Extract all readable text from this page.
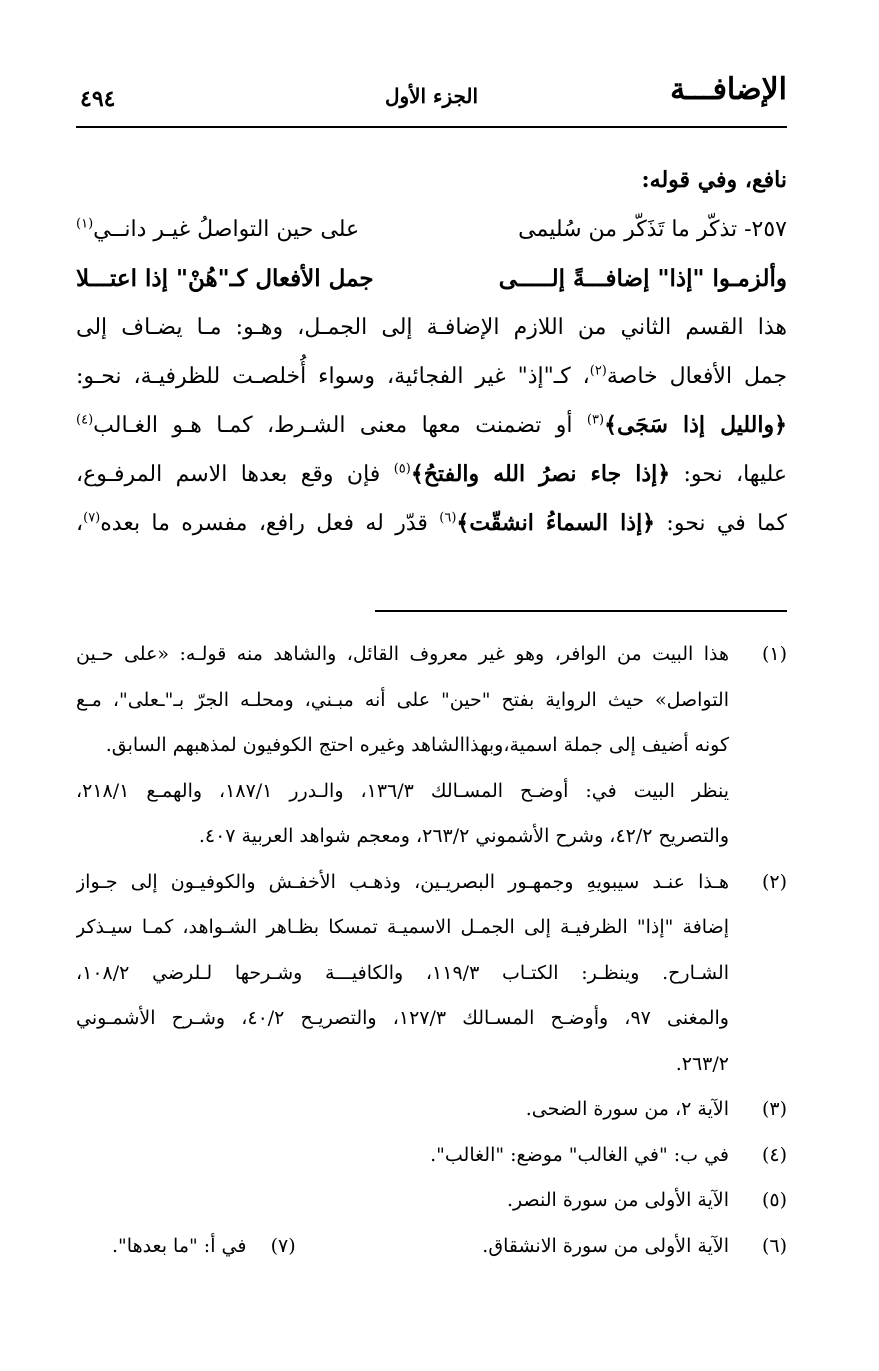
الإضافـــة
الجزء الأول
٤٩٤
نافع، وفي قوله:
٢٥٧- تذكّر ما تَذَكّر من سُليمى
على حين التواصلُ غيـر دانــي$^{(١)}$
وألزمـوا "إذا" إضافـــةً إلـــــى
جمل الأفعال كـ"هُنْ" إذا اعتـــلا
هذا القسم الثاني من اللازم الإضافـة إلى الجمـل، وهـو: مـا يضـاف إلى
جمل الأفعال خاصة$^{(٢)}$، كـ"إذ" غير الفجائية، وسواء أُخلصـت للظرفيـة، نحـو:
﴿والليل إذا سَجَى﴾$^{(٣)}$ أو تضمنت معها معنى الشـرط، كمـا هـو الغـالب$^{(٤)}$
عليها، نحو: ﴿إذا جاء نصرُ الله والفتحُ﴾$^{(٥)}$ فإن وقع بعدها الاسم المرفـوع،
كما في نحو: ﴿إذا السماءُ انشقّت﴾$^{(٦)}$ قدّر له فعل رافع، مفسره ما بعده$^{(٧)}$،
(١)
هذا البيت من الوافر، وهو غير معروف القائل، والشاهد منه قولـه: «على حـين
التواصل» حيث الرواية بفتح "حين" على أنه مبـني، ومحلـه الجرّ بـ"ـعلى"، مـع
كونه أضيف إلى جملة اسمية،وبهذاالشاهد وغيره احتج الكوفيون لمذهبهم السابق.
ينظر البيت في: أوضـح المسـالك ١٣٦/٣، والـدرر ١٨٧/١، والهمـع ٢١٨/١،
والتصريح ٤٢/٢، وشرح الأشموني ٢٦٣/٢، ومعجم شواهد العربية ٤٠٧.
(٢)
هـذا عنـد سيبويهِ وجمهـور البصريـين، وذهـب الأخفـش والكوفيـون إلى جـواز
إضافة "إذا" الظرفيـة إلى الجمـل الاسميـة تمسكا بظـاهر الشـواهد، كمـا سيـذكر
الشـارح. وينظـر: الكتـاب ١١٩/٣، والكافيـــة وشـرحها لـلرضي ١٠٨/٢،
والمغنى ٩٧، وأوضـح المسـالك ١٢٧/٣، والتصريـح ٤٠/٢، وشـرح الأشمـوني
٢٦٣/٢.
(٣)
الآية ٢، من سورة الضحى.
(٤)
في ب: "في الغالب" موضع: "الغالب".
(٥)
الآية الأولى من سورة النصر.
(٦)
الآية الأولى من سورة الانشقاق.
(٧)    في أ: "ما بعدها".
